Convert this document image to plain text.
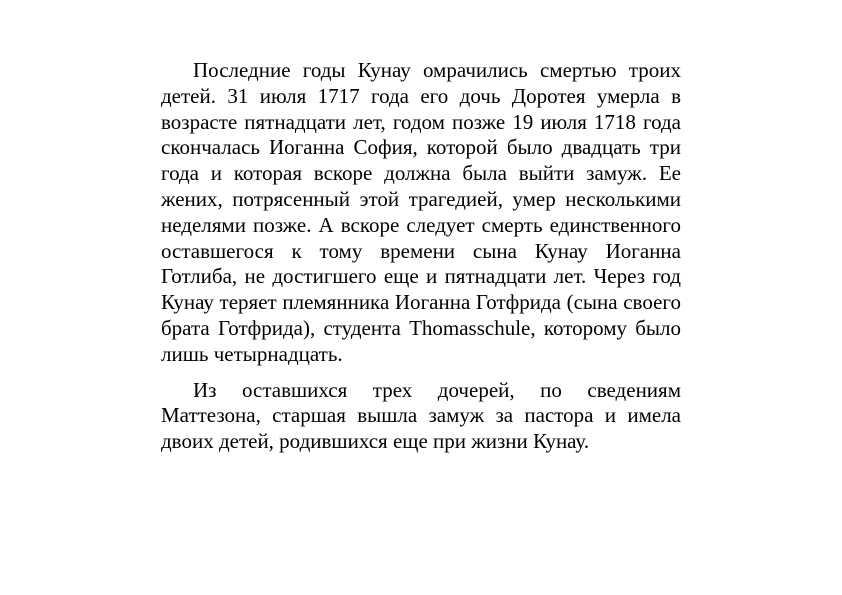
Последние годы Кунау омрачились смертью троих детей. 31 июля 1717 года его дочь Доротея умерла в возрасте пятнадцати лет, годом позже 19 июля 1718 года скончалась Иоганна София, которой было двадцать три года и которая вскоре должна была выйти замуж. Ее жених, потрясенный этой трагедией, умер несколькими неделями позже. А вскоре следует смерть единственного оставшегося к тому времени сына Кунау Иоганна Готлиба, не достигшего еще и пятнадцати лет. Через год Кунау теряет племянника Иоганна Готфрида (сына своего брата Готфрида), студента Thomasschule, которому было лишь четырнадцать.

Из оставшихся трех дочерей, по сведениям Маттезона, старшая вышла замуж за пастора и имела двоих детей, родившихся еще при жизни Кунау.
